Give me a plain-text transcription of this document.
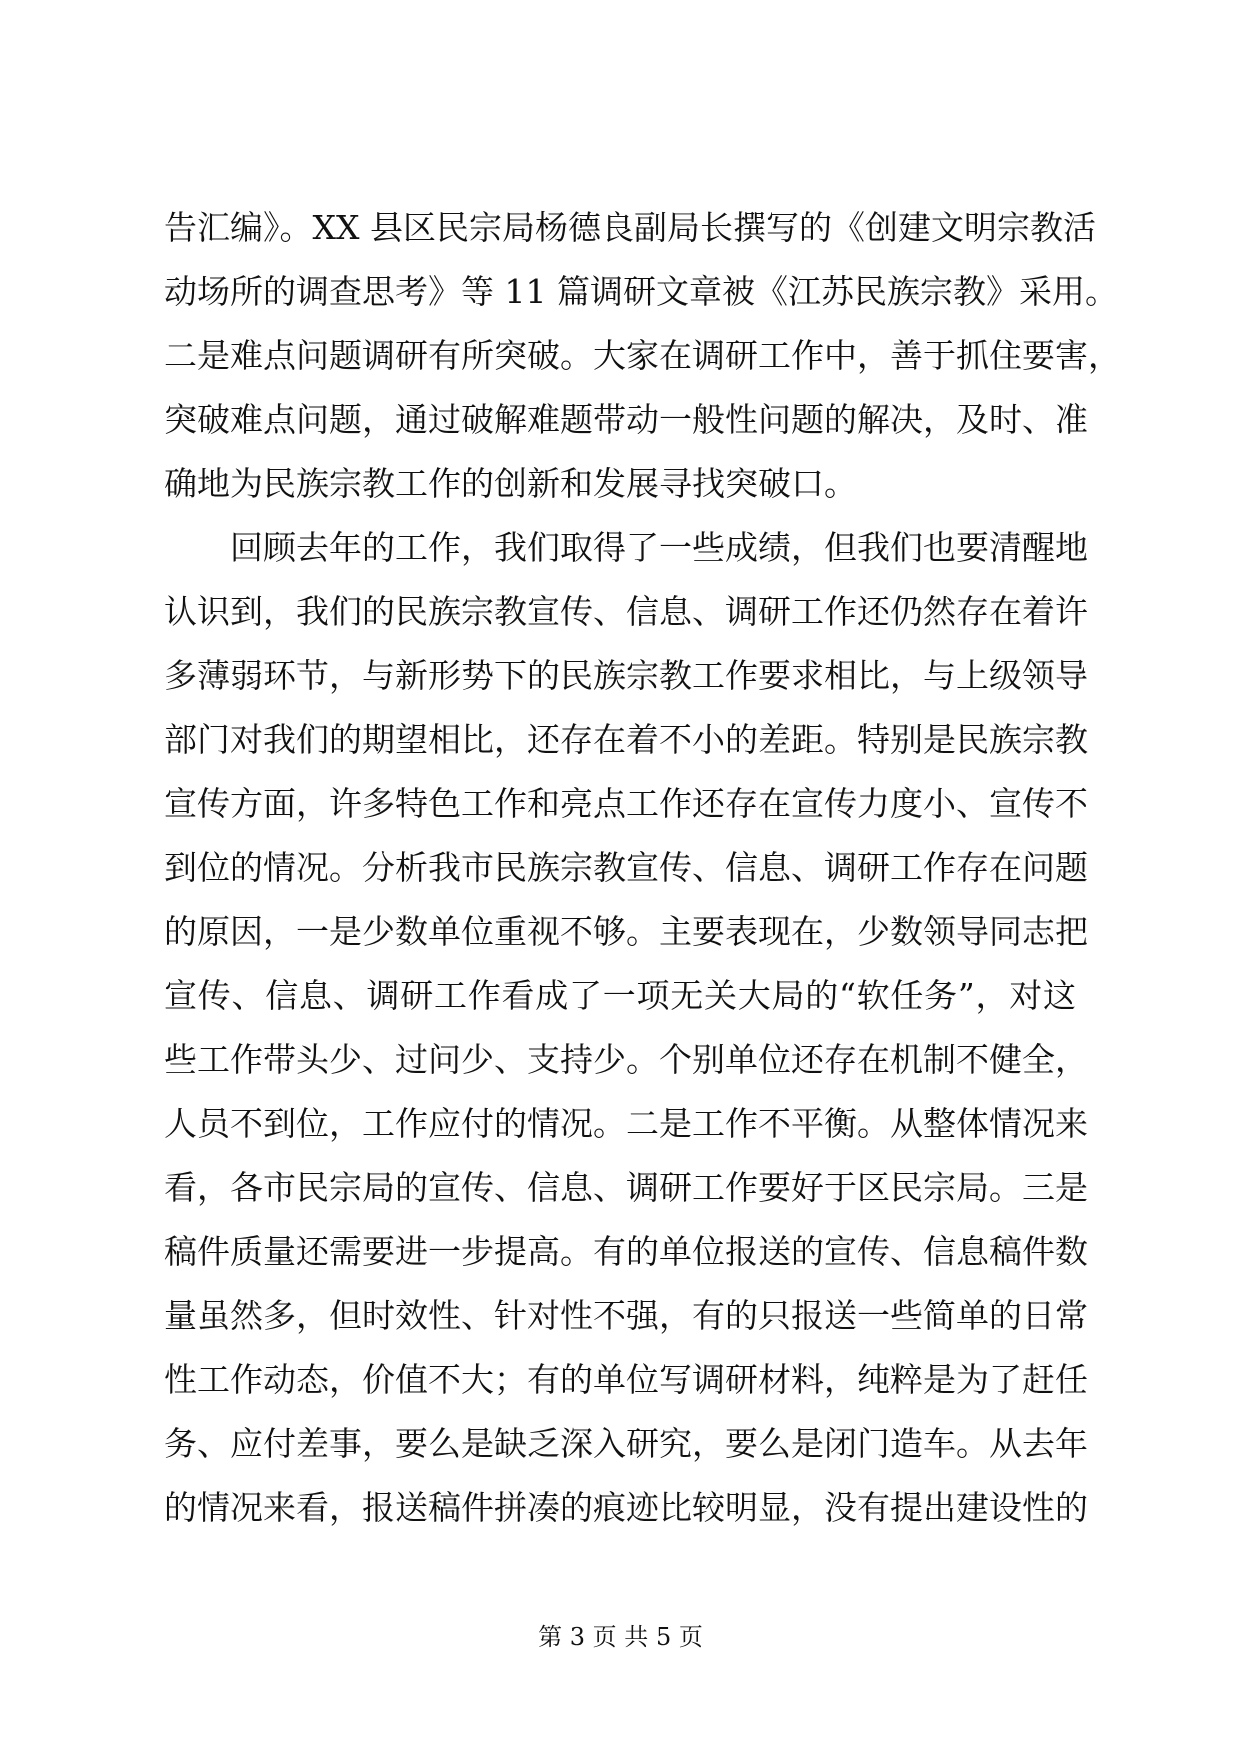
告汇编》。XX 县区民宗局杨德良副局长撰写的《创建文明宗教活
动场所的调查思考》等 11 篇调研文章被《江苏民族宗教》采用。
二是难点问题调研有所突破。大家在调研工作中，善于抓住要害，
突破难点问题，通过破解难题带动一般性问题的解决，及时、准
确地为民族宗教工作的创新和发展寻找突破口。
回顾去年的工作，我们取得了一些成绩，但我们也要清醒地
认识到，我们的民族宗教宣传、信息、调研工作还仍然存在着许
多薄弱环节，与新形势下的民族宗教工作要求相比，与上级领导
部门对我们的期望相比，还存在着不小的差距。特别是民族宗教
宣传方面，许多特色工作和亮点工作还存在宣传力度小、宣传不
到位的情况。分析我市民族宗教宣传、信息、调研工作存在问题
的原因，一是少数单位重视不够。主要表现在，少数领导同志把
宣传、信息、调研工作看成了一项无关大局的“软任务”，对这
些工作带头少、过问少、支持少。个别单位还存在机制不健全，
人员不到位，工作应付的情况。二是工作不平衡。从整体情况来
看，各市民宗局的宣传、信息、调研工作要好于区民宗局。三是
稿件质量还需要进一步提高。有的单位报送的宣传、信息稿件数
量虽然多，但时效性、针对性不强，有的只报送一些简单的日常
性工作动态，价值不大；有的单位写调研材料，纯粹是为了赶任
务、应付差事，要么是缺乏深入研究，要么是闭门造车。从去年
的情况来看，报送稿件拼凑的痕迹比较明显，没有提出建设性的
第 3 页 共 5 页
